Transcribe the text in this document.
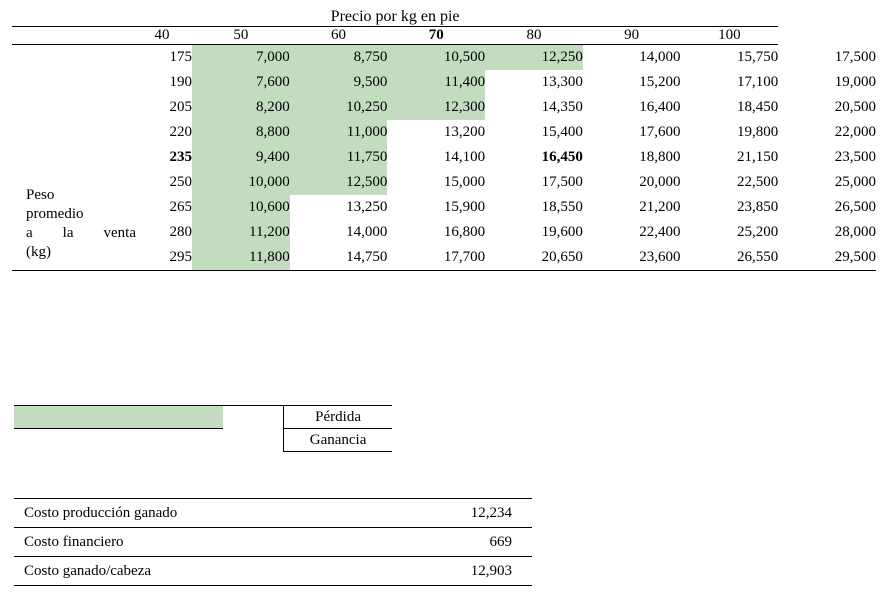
Precio por kg en pie								
	40	50	60	70	80	90	100	
	175	7,000	8,750	10,500	12,250	14,000	15,750	17,500
	190	7,600	9,500	11,400	13,300	15,200	17,100	19,000
	205	8,200	10,250	12,300	14,350	16,400	18,450	20,500
	220	8,800	11,000	13,200	15,400	17,600	19,800	22,000
	235	9,400	11,750	14,100	16,450	18,800	21,150	23,500
	250	10,000	12,500	15,000	17,500	20,000	22,500	25,000
	265	10,600	13,250	15,900	18,550	21,200	23,850	26,500
	280	11,200	14,000	16,800	19,600	22,400	25,200	28,000
	295	11,800	14,750	17,700	20,650	23,600	26,550	29,500
Peso
promedio
a la venta
(kg)
		Pérdida
		Ganancia
Costo producción ganado	12,234
Costo financiero	669
Costo ganado/cabeza	12,903
